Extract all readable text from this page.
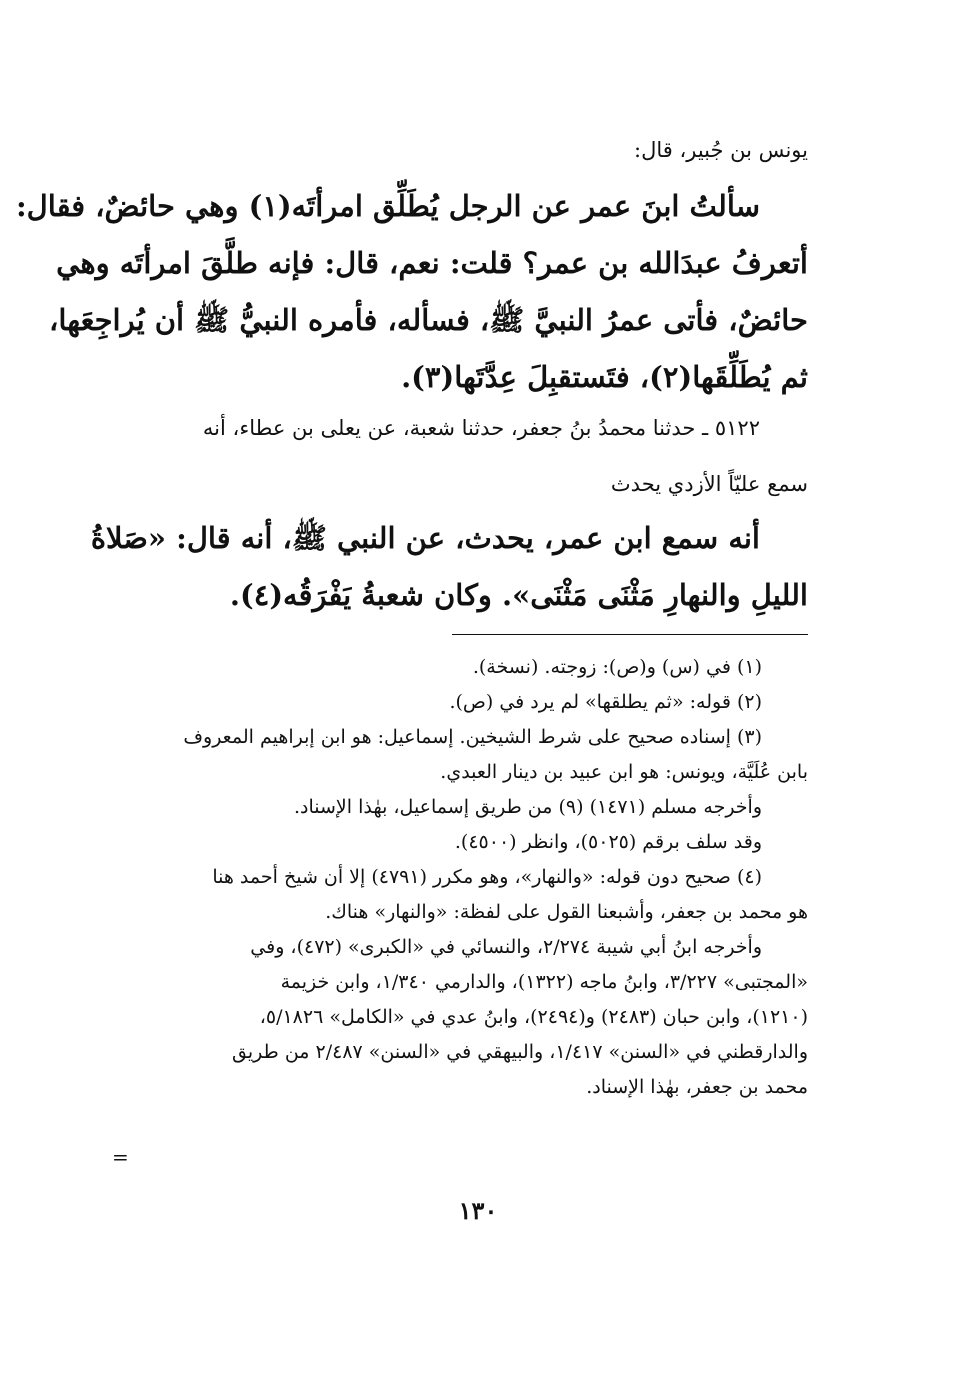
يونس بن جُبير، قال:
سألتُ ابنَ عمر عن الرجل يُطَلِّق امرأتَه(١) وهي حائضٌ، فقال:
أتعرفُ عبدَالله بن عمر؟ قلت: نعم، قال: فإنه طلَّقَ امرأتَه وهي
حائضٌ، فأتى عمرُ النبيَّ ﷺ، فسأله، فأمره النبيُّ ﷺ أن يُراجِعَها،
ثم يُطَلِّقَها(٢)، فتَستقبِلَ عِدَّتَها(٣).
٥١٢٢ ـ حدثنا محمدُ بنُ جعفر، حدثنا شعبة، عن يعلى بن عطاء، أنه
سمع عليّاً الأزدي يحدث
أنه سمع ابن عمر، يحدث، عن النبي ﷺ، أنه قال: «صَلاةُ
الليلِ والنهارِ مَثْنَى مَثْنَى». وكان شعبةُ يَفْرَقُه(٤).
(١) في (س) و(ص): زوجته. (نسخة).
(٢) قوله: «ثم يطلقها» لم يرد في (ص).
(٣) إسناده صحيح على شرط الشيخين. إسماعيل: هو ابن إبراهيم المعروف
بابن عُلَيَّة، ويونس: هو ابن عبيد بن دينار العبدي.
وأخرجه مسلم (١٤٧١) (٩) من طريق إسماعيل، بهٰذا الإسناد.
وقد سلف برقم (٥٠٢٥)، وانظر (٤٥٠٠).
(٤) صحيح دون قوله: «والنهار»، وهو مكرر (٤٧٩١) إلا أن شيخ أحمد هنا
هو محمد بن جعفر، وأشبعنا القول على لفظة: «والنهار» هناك.
وأخرجه ابنُ أبي شيبة ٢/٢٧٤، والنسائي في «الكبرى» (٤٧٢)، وفي
«المجتبى» ٣/٢٢٧، وابنُ ماجه (١٣٢٢)، والدارمي ١/٣٤٠، وابن خزيمة
(١٢١٠)، وابن حبان (٢٤٨٣) و(٢٤٩٤)، وابنُ عدي في «الكامل» ٥/١٨٢٦،
والدارقطني في «السنن» ١/٤١٧، والبيهقي في «السنن» ٢/٤٨٧ من طريق
محمد بن جعفر، بهٰذا الإسناد.
=
١٣٠
